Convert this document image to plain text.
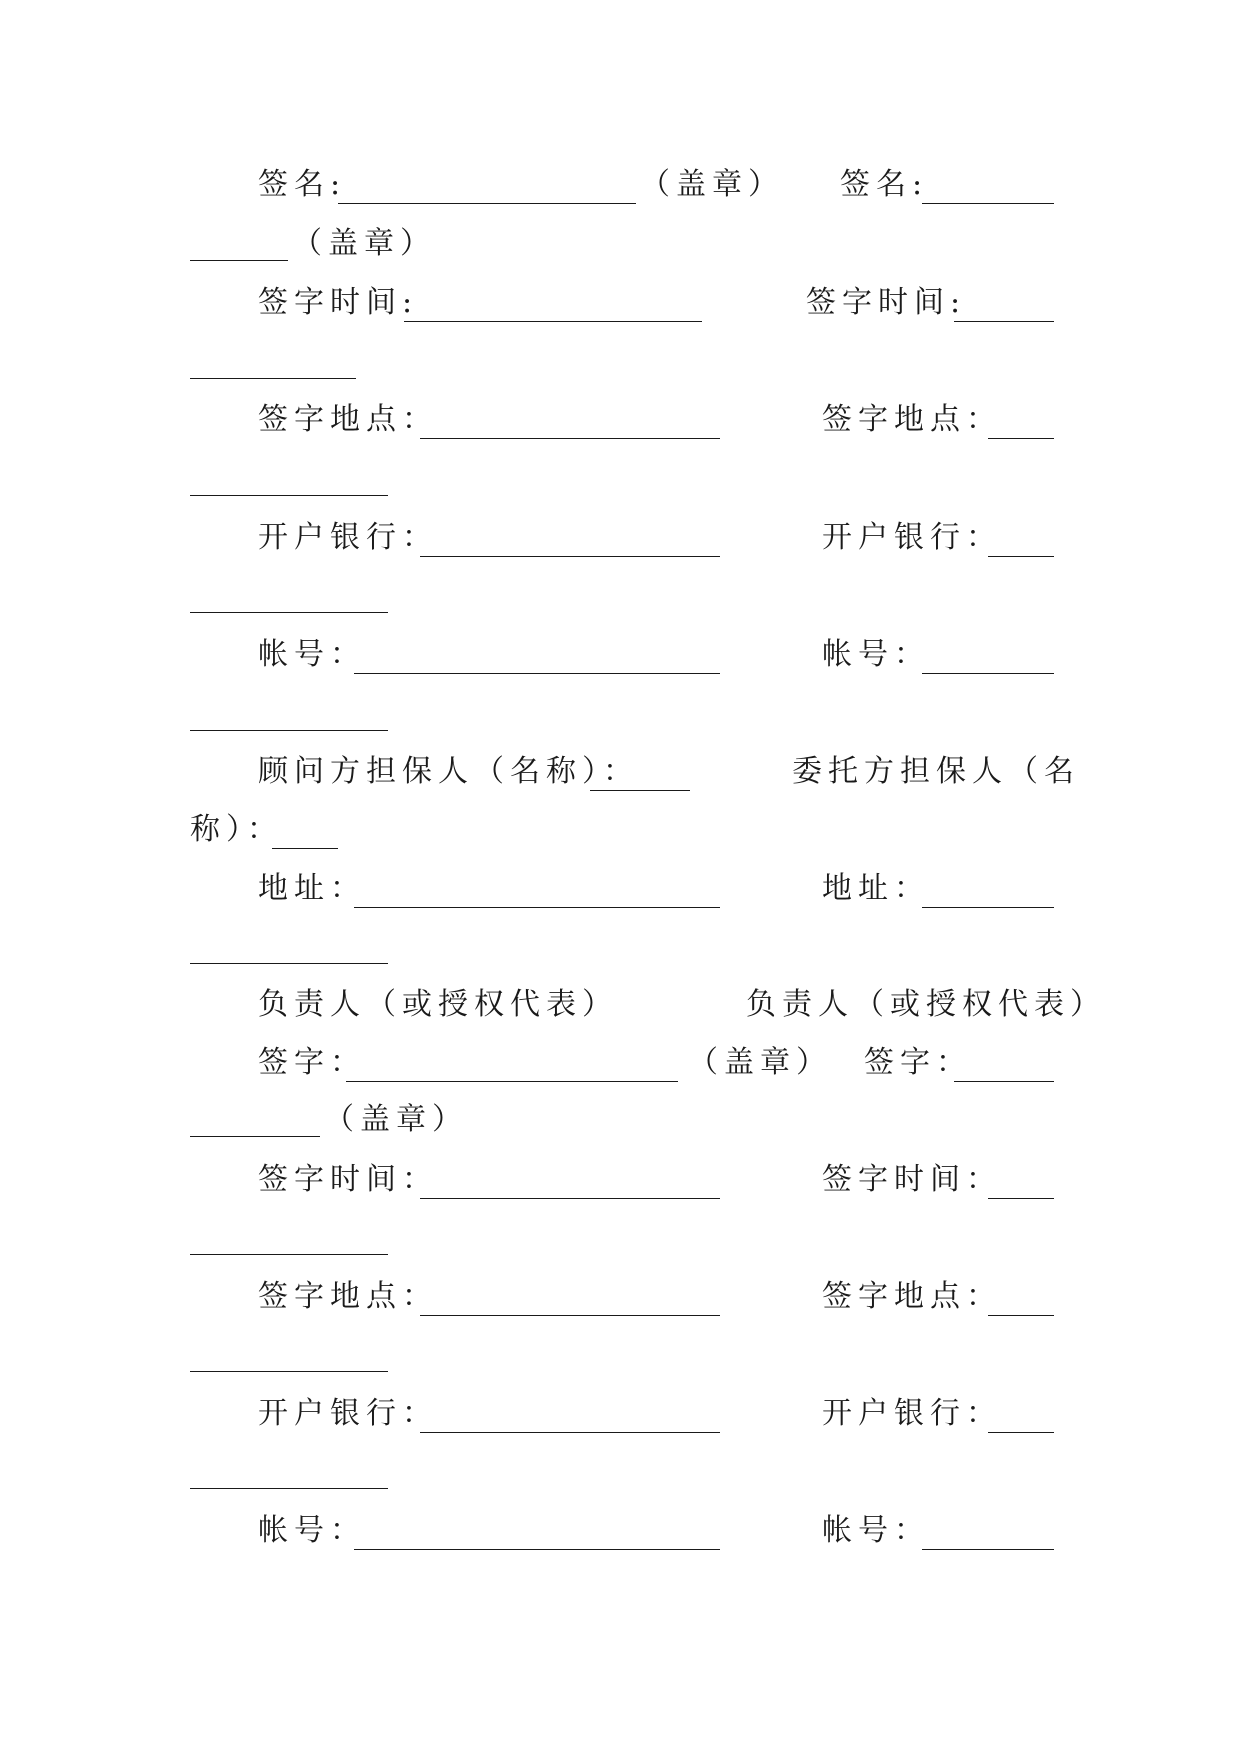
签名:	（盖章） 签名:
（盖章）
签字时间:	签字时间:
签字地点：	签字地点：
开户银行：	开户银行：
帐号：	帐号：
顾问方担保人（名称）：	委托方担保人（名
称）：
地址：	地址：
负责人（或授权代表）	负责人（或授权代表）
签字：	（盖章） 签字：
（盖章）
签字时间：	签字时间：
签字地点：	签字地点：
开户银行：	开户银行：
帐号：	帐号：
